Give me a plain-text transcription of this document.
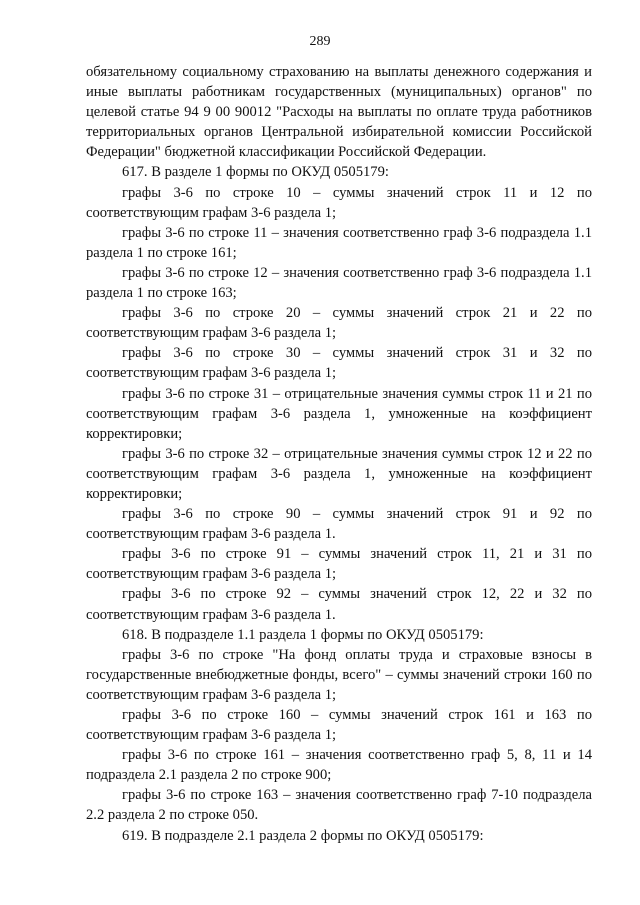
289

обязательному социальному страхованию на выплаты денежного содержания и иные выплаты работникам государственных (муниципальных) органов" по целевой статье 94 9 00 90012 "Расходы на выплаты по оплате труда работников территориальных органов Центральной избирательной комиссии Российской Федерации" бюджетной классификации Российской Федерации.

617. В разделе 1 формы по ОКУД 0505179:

графы 3-6 по строке 10 – суммы значений строк 11 и 12 по соответствующим графам 3-6 раздела 1;

графы 3-6 по строке 11 – значения соответственно граф 3-6 подраздела 1.1 раздела 1 по строке 161;

графы 3-6 по строке 12 – значения соответственно граф 3-6 подраздела 1.1 раздела 1 по строке 163;

графы 3-6 по строке 20 – суммы значений строк 21 и 22 по соответствующим графам 3-6 раздела 1;

графы 3-6 по строке 30 – суммы значений строк 31 и 32 по соответствующим графам 3-6 раздела 1;

графы 3-6 по строке 31 – отрицательные значения суммы строк 11 и 21 по соответствующим графам 3-6 раздела 1, умноженные на коэффициент корректировки;

графы 3-6 по строке 32 – отрицательные значения суммы строк 12 и 22 по соответствующим графам 3-6 раздела 1, умноженные на коэффициент корректировки;

графы 3-6 по строке 90 – суммы значений строк 91 и 92 по соответствующим графам 3-6 раздела 1.

графы 3-6 по строке 91 – суммы значений строк 11, 21 и 31 по соответствующим графам 3-6 раздела 1;

графы 3-6 по строке 92 – суммы значений строк 12, 22 и 32 по соответствующим графам 3-6 раздела 1.

618. В подразделе 1.1 раздела 1 формы по ОКУД 0505179:

графы 3-6 по строке "На фонд оплаты труда и страховые взносы в государственные внебюджетные фонды, всего" – суммы значений строки 160 по соответствующим графам 3-6 раздела 1;

графы 3-6 по строке 160 – суммы значений строк 161 и 163 по соответствующим графам 3-6 раздела 1;

графы 3-6 по строке 161 – значения соответственно граф 5, 8, 11 и 14 подраздела 2.1 раздела 2 по строке 900;

графы 3-6 по строке 163 – значения соответственно граф 7-10 подраздела 2.2 раздела 2 по строке 050.

619. В подразделе 2.1 раздела 2 формы по ОКУД 0505179:
